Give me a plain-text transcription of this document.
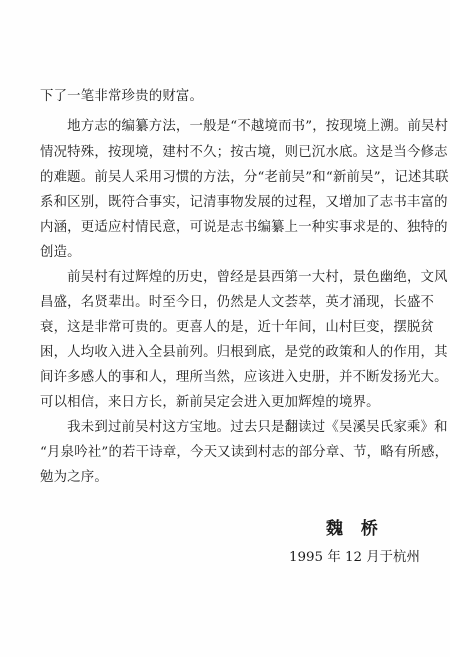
下了一笔非常珍贵的财富。
　　地方志的编纂方法，一般是“不越境而书”，按现境上溯。前吴村
情况特殊，按现境，建村不久；按古境，则已沉水底。这是当今修志
的难题。前吴人采用习惯的方法，分“老前吴”和“新前吴”，记述其联
系和区别，既符合事实，记清事物发展的过程，又增加了志书丰富的
内涵，更适应村情民意，可说是志书编纂上一种实事求是的、独特的
创造。
　　前吴村有过辉煌的历史，曾经是县西第一大村，景色幽绝，文风
昌盛，名贤辈出。时至今日，仍然是人文荟萃，英才涌现，长盛不
衰，这是非常可贵的。更喜人的是，近十年间，山村巨变，摆脱贫
困，人均收入进入全县前列。归根到底，是党的政策和人的作用，其
间许多感人的事和人，理所当然，应该进入史册，并不断发扬光大。
可以相信，来日方长，新前吴定会进入更加辉煌的境界。
　　我未到过前吴村这方宝地。过去只是翻读过《吴溪吴氏家乘》和
“月泉吟社”的若干诗章，今天又读到村志的部分章、节，略有所感，
勉为之序。
魏 桥
1995 年 12 月于杭州
